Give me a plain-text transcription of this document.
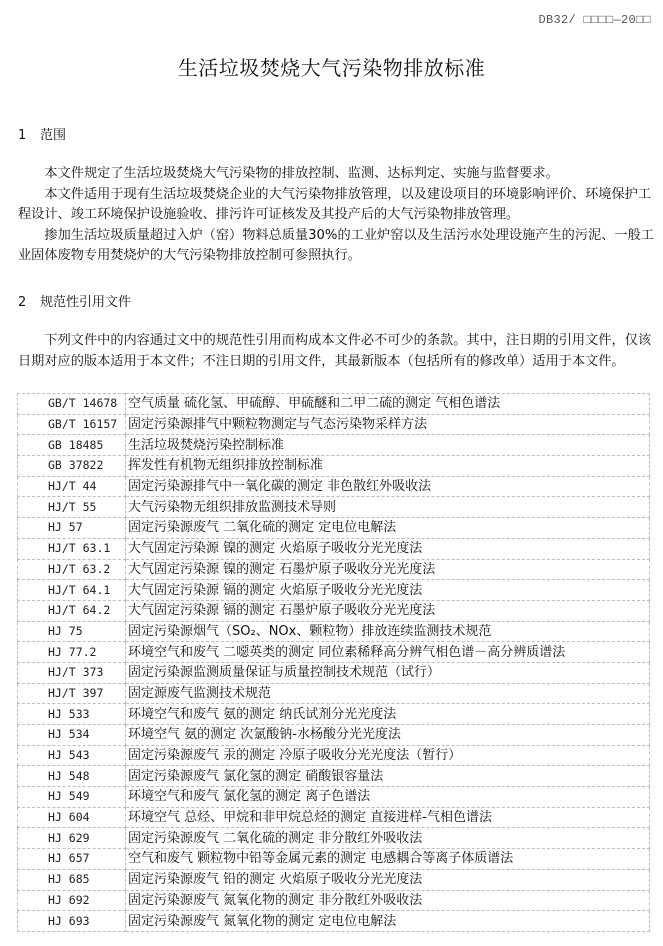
DB32/ □□□□—20□□
生活垃圾焚烧大气污染物排放标准
1 范围

本文件规定了生活垃圾焚烧大气污染物的排放控制、监测、达标判定、实施与监督要求。

本文件适用于现有生活垃圾焚烧企业的大气污染物排放管理，以及建设项目的环境影响评价、环境保护工程设计、竣工环境保护设施验收、排污许可证核发及其投产后的大气污染物排放管理。

掺加生活垃圾质量超过入炉（窑）物料总质量30%的工业炉窑以及生活污水处理设施产生的污泥、一般工业固体废物专用焚烧炉的大气污染物排放控制可参照执行。

2 规范性引用文件

下列文件中的内容通过文中的规范性引用而构成本文件必不可少的条款。其中，注日期的引用文件，仅该日期对应的版本适用于本文件；不注日期的引用文件，其最新版本（包括所有的修改单）适用于本文件。

GB/T 14678	空气质量 硫化氢、甲硫醇、甲硫醚和二甲二硫的测定 气相色谱法
GB/T 16157	固定污染源排气中颗粒物测定与气态污染物采样方法
GB 18485	生活垃圾焚烧污染控制标准
GB 37822	挥发性有机物无组织排放控制标准
HJ/T 44	固定污染源排气中一氧化碳的测定 非色散红外吸收法
HJ/T 55	大气污染物无组织排放监测技术导则
HJ 57	固定污染源废气 二氧化硫的测定 定电位电解法
HJ/T 63.1	大气固定污染源 镍的测定 火焰原子吸收分光光度法
HJ/T 63.2	大气固定污染源 镍的测定 石墨炉原子吸收分光光度法
HJ/T 64.1	大气固定污染源 镉的测定 火焰原子吸收分光光度法
HJ/T 64.2	大气固定污染源 镉的测定 石墨炉原子吸收分光光度法
HJ 75	固定污染源烟气（SO₂、NOx、颗粒物）排放连续监测技术规范
HJ 77.2	环境空气和废气 二噁英类的测定 同位素稀释高分辨气相色谱－高分辨质谱法
HJ/T 373	固定污染源监测质量保证与质量控制技术规范（试行）
HJ/T 397	固定源废气监测技术规范
HJ 533	环境空气和废气 氨的测定 纳氏试剂分光光度法
HJ 534	环境空气 氨的测定 次氯酸钠-水杨酸分光光度法
HJ 543	固定污染源废气 汞的测定 冷原子吸收分光光度法（暂行）
HJ 548	固定污染源废气 氯化氢的测定 硝酸银容量法
HJ 549	环境空气和废气 氯化氢的测定 离子色谱法
HJ 604	环境空气 总烃、甲烷和非甲烷总烃的测定 直接进样-气相色谱法
HJ 629	固定污染源废气 二氧化硫的测定 非分散红外吸收法
HJ 657	空气和废气 颗粒物中铅等金属元素的测定 电感耦合等离子体质谱法
HJ 685	固定污染源废气 铅的测定 火焰原子吸收分光光度法
HJ 692	固定污染源废气 氮氧化物的测定 非分散红外吸收法
HJ 693	固定污染源废气 氮氧化物的测定 定电位电解法
